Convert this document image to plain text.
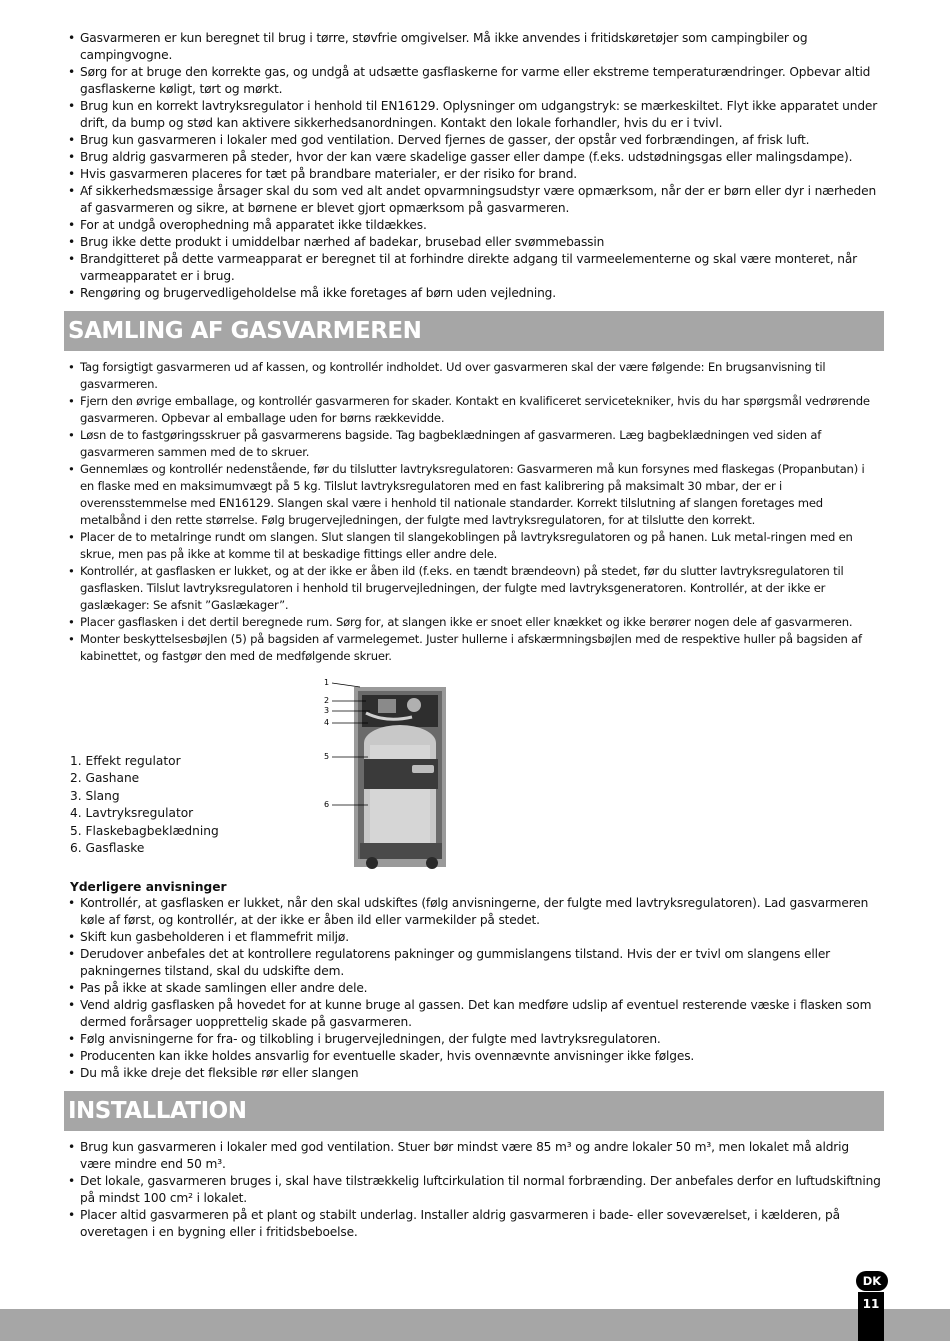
• Gasvarmeren er kun beregnet til brug i tørre, støvfrie omgivelser. Må ikke anvendes i fritidskøretøjer som campingbiler og campingvogne.
• Sørg for at bruge den korrekte gas, og undgå at udsætte gasflaskerne for varme eller ekstreme temperaturændringer. Opbevar altid gasflaskerne køligt, tørt og mørkt.
• Brug kun en korrekt lavtryksregulator i henhold til EN16129. Oplysninger om udgangstryk: se mærkeskiltet. Flyt ikke apparatet under drift, da bump og stød kan aktivere sikkerhedsanordningen. Kontakt den lokale forhandler, hvis du er i tvivl.
• Brug kun gasvarmeren i lokaler med god ventilation. Derved fjernes de gasser, der opstår ved forbrændingen, af frisk luft.
• Brug aldrig gasvarmeren på steder, hvor der kan være skadelige gasser eller dampe (f.eks. udstødningsgas eller malingsdampe).
• Hvis gasvarmeren placeres for tæt på brandbare materialer, er der risiko for brand.
• Af sikkerhedsmæssige årsager skal du som ved alt andet opvarmningsudstyr være opmærksom, når der er børn eller dyr i nærheden af gasvarmeren og sikre, at børnene er blevet gjort opmærksom på gasvarmeren.
• For at undgå overophedning må apparatet ikke tildækkes.
• Brug ikke dette produkt i umiddelbar nærhed af badekar, brusebad eller svømmebassin
• Brandgitteret på dette varmeapparat er beregnet til at forhindre direkte adgang til varmeelementerne og skal være monteret, når varmeapparatet er i brug.
• Rengøring og brugervedligeholdelse må ikke foretages af børn uden vejledning.
SAMLING AF GASVARMEREN
• Tag forsigtigt gasvarmeren ud af kassen, og kontrollér indholdet. Ud over gasvarmeren skal der være følgende: En brugsanvisning til gasvarmeren.
• Fjern den øvrige emballage, og kontrollér gasvarmeren for skader. Kontakt en kvalificeret servicetekniker, hvis du har spørgsmål vedrørende gasvarmeren. Opbevar al emballage uden for børns rækkevidde.
• Løsn de to fastgøringsskruer på gasvarmerens bagside. Tag bagbeklædningen af gasvarmeren. Læg bagbeklædningen ved siden af gasvarmeren sammen med de to skruer.
• Gennemlæs og kontrollér nedenstående, før du tilslutter lavtryksregulatoren: Gasvarmeren må kun forsynes med flaskegas (Propanbutan) i en flaske med en maksimumvægt på 5 kg. Tilslut lavtryksregulatoren med en fast kalibrering på maksimalt 30 mbar, der er i overensstemmelse med EN16129. Slangen skal være i henhold til nationale standarder. Korrekt tilslutning af slangen foretages med metalbånd i den rette størrelse. Følg brugervejledningen, der fulgte med lavtryksregulatoren, for at tilslutte den korrekt.
• Placer de to metalringe rundt om slangen. Slut slangen til slangekoblingen på lavtryksregulatoren og på hanen. Luk metal-ringen med en skrue, men pas på ikke at komme til at beskadige fittings eller andre dele.
• Kontrollér, at gasflasken er lukket, og at der ikke er åben ild (f.eks. en tændt brændeovn) på stedet, før du slutter lavtryksregulatoren til gasflasken. Tilslut lavtryksregulatoren i henhold til brugervejledningen, der fulgte med lavtryksgeneratoren. Kontrollér, at der ikke er gaslækager: Se afsnit ”Gaslækager”.
• Placer gasflasken i det dertil beregnede rum. Sørg for, at slangen ikke er snoet eller knækket og ikke berører nogen dele af gasvarmeren.
• Monter beskyttelsesbøjlen (5) på bagsiden af varmelegemet. Juster hullerne i afskærmningsbøjlen med de respektive huller på bagsiden af kabinettet, og fastgør den med de medfølgende skruer.
1. Effekt regulator
2. Gashane
3. Slang
4. Lavtryksregulator
5. Flaskebagbeklædning
6. Gasflaske
1
2
3
4
5
6
Yderligere anvisninger
• Kontrollér, at gasflasken er lukket, når den skal udskiftes (følg anvisningerne, der fulgte med lavtryksregulatoren). Lad gasvarmeren køle af først, og kontrollér, at der ikke er åben ild eller varmekilder på stedet.
• Skift kun gasbeholderen i et flammefrit miljø.
• Derudover anbefales det at kontrollere regulatorens pakninger og gummislangens tilstand. Hvis der er tvivl om slangens eller pakningernes tilstand, skal du udskifte dem.
• Pas på ikke at skade samlingen eller andre dele.
• Vend aldrig gasflasken på hovedet for at kunne bruge al gassen. Det kan medføre udslip af eventuel resterende væske i flasken som dermed forårsager uopprettelig skade på gasvarmeren.
• Følg anvisningerne for fra- og tilkobling i brugervejledningen, der fulgte med lavtryksregulatoren.
• Producenten kan ikke holdes ansvarlig for eventuelle skader, hvis ovennævnte anvisninger ikke følges.
• Du må ikke dreje det fleksible rør eller slangen
INSTALLATION
• Brug kun gasvarmeren i lokaler med god ventilation. Stuer bør mindst være 85 m³ og andre lokaler 50 m³, men lokalet må aldrig være mindre end 50 m³.
• Det lokale, gasvarmeren bruges i, skal have tilstrækkelig luftcirkulation til normal forbrænding. Der anbefales derfor en luftudskiftning på mindst 100 cm² i lokalet.
• Placer altid gasvarmeren på et plant og stabilt underlag. Installer aldrig gasvarmeren i bade- eller soveværelset, i kælderen, på overetagen i en bygning eller i fritidsbeboelse.
DK
11
